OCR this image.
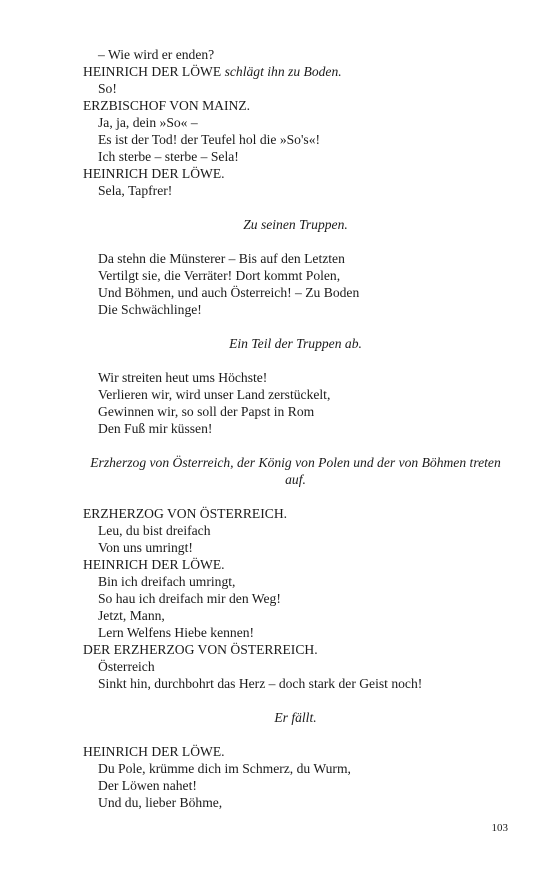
– Wie wird er enden?
HEINRICH DER LÖWE schlägt ihn zu Boden.
So!
ERZBISCHOF VON MAINZ.
Ja, ja, dein »So« –
Es ist der Tod! der Teufel hol die »So's«!
Ich sterbe – sterbe – Sela!
HEINRICH DER LÖWE.
Sela, Tapfrer!
Zu seinen Truppen.
Da stehn die Münsterer – Bis auf den Letzten
Vertilgt sie, die Verräter! Dort kommt Polen,
Und Böhmen, und auch Österreich! – Zu Boden
Die Schwächlinge!
Ein Teil der Truppen ab.
Wir streiten heut ums Höchste!
Verlieren wir, wird unser Land zerstückelt,
Gewinnen wir, so soll der Papst in Rom
Den Fuß mir küssen!
Erzherzog von Österreich, der König von Polen und der von Böhmen treten auf.
ERZHERZOG VON ÖSTERREICH.
Leu, du bist dreifach
Von uns umringt!
HEINRICH DER LÖWE.
Bin ich dreifach umringt,
So hau ich dreifach mir den Weg!
Jetzt, Mann,
Lern Welfens Hiebe kennen!
DER ERZHERZOG VON ÖSTERREICH.
Österreich
Sinkt hin, durchbohrt das Herz – doch stark der Geist noch!
Er fällt.
HEINRICH DER LÖWE.
Du Pole, krümme dich im Schmerz, du Wurm,
Der Löwen nahet!
Und du, lieber Böhme,
103
